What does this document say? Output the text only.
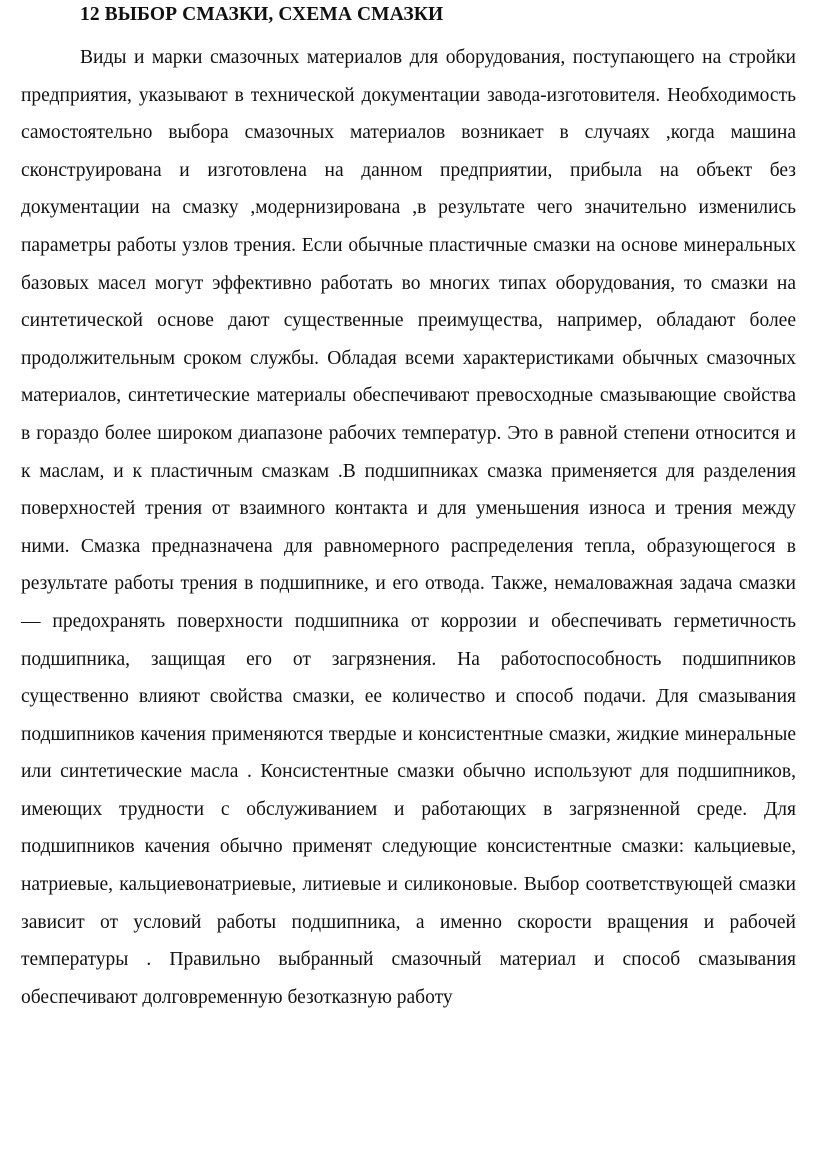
12 ВЫБОР СМАЗКИ, СХЕМА СМАЗКИ

Виды и марки смазочных материалов для оборудования, поступающего на стройки предприятия, указывают в технической документации завода-изготовителя. Необходимость самостоятельно выбора смазочных материалов возникает в случаях ,когда машина сконструирована и изготовлена на данном предприятии, прибыла на объект без документации на смазку ,модернизирована ,в результате чего значительно изменились параметры работы узлов трения. Если обычные пластичные смазки на основе минеральных базовых масел могут эффективно работать во многих типах оборудования, то смазки на синтетической основе дают существенные преимущества, например, обладают более продолжительным сроком службы. Обладая всеми характеристиками обычных смазочных материалов, синтетические материалы обеспечивают превосходные смазывающие свойства в гораздо более широком диапазоне рабочих температур. Это в равной степени относится и к маслам, и к пластичным смазкам .В подшипниках смазка применяется для разделения поверхностей трения от взаимного контакта и для уменьшения износа и трения между ними. Смазка предназначена для равномерного распределения тепла, образующегося в результате работы трения в подшипнике, и его отвода. Также, немаловажная задача смазки — предохранять поверхности подшипника от коррозии и обеспечивать герметичность подшипника, защищая его от загрязнения. На работоспособность подшипников существенно влияют свойства смазки, ее количество и способ подачи. Для смазывания подшипников качения применяются твердые и консистентные смазки, жидкие минеральные или синтетические масла . Консистентные смазки обычно используют для подшипников, имеющих трудности с обслуживанием и работающих в загрязненной среде. Для подшипников качения обычно применят следующие консистентные смазки: кальциевые, натриевые, кальциевонатриевые, литиевые и силиконовые. Выбор соответствующей смазки зависит от условий работы подшипника, а именно скорости вращения и рабочей температуры . Правильно выбранный смазочный материал и способ смазывания обеспечивают долговременную безотказную работу
